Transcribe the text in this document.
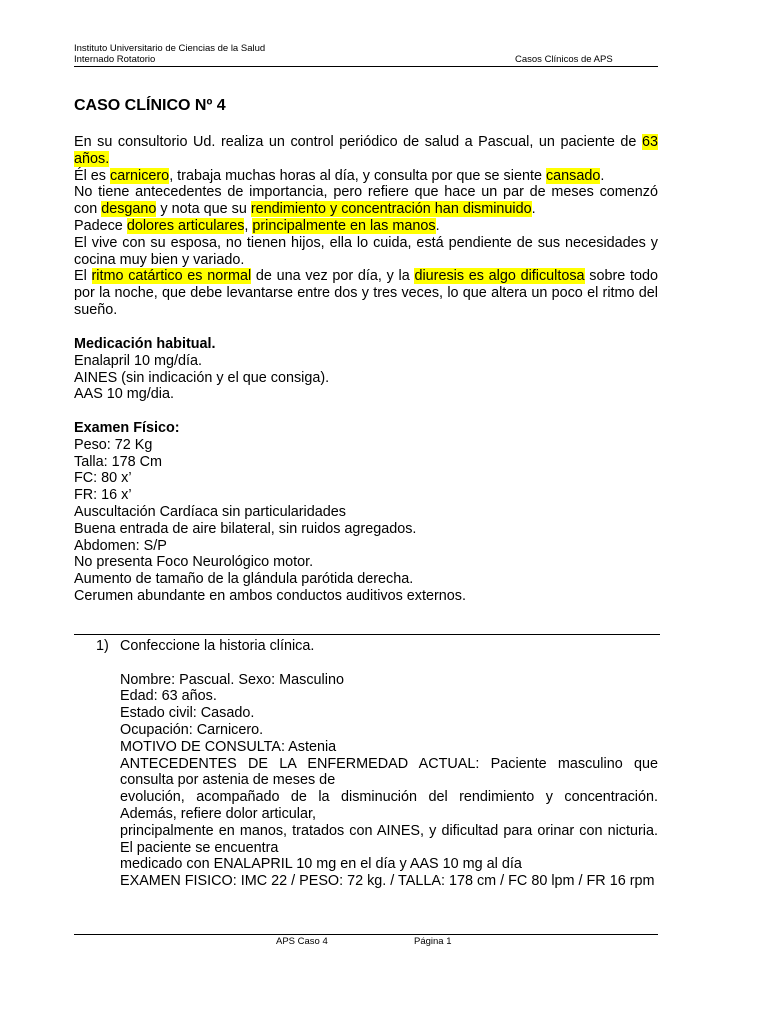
Instituto Universitario de Ciencias de la Salud
Internado Rotatorio	Casos Clínicos de APS
CASO CLÍNICO Nº 4

En su consultorio Ud. realiza un control periódico de salud a Pascual, un paciente de 63 años.

Él es carnicero, trabaja muchas horas al día, y consulta por que se siente cansado.

No tiene antecedentes de importancia, pero refiere que hace un par de meses comenzó con desgano y nota que su rendimiento y concentración han disminuido.

Padece dolores articulares, principalmente en las manos.

El vive con su esposa, no tienen hijos, ella lo cuida, está pendiente de sus necesidades y cocina muy bien y variado.

El ritmo catártico es normal de una vez por día, y la diuresis es algo dificultosa sobre todo por la noche, que debe levantarse entre dos y tres veces, lo que altera un poco el ritmo del sueño.

Medicación habitual.

Enalapril 10 mg/día.

AINES (sin indicación y el que consiga).

AAS 10 mg/dia.

Examen Físico:

Peso: 72 Kg

Talla: 178 Cm

FC: 80 x’

FR: 16 x’

Auscultación Cardíaca sin particularidades

Buena entrada de aire bilateral, sin ruidos agregados.

Abdomen: S/P

No presenta Foco Neurológico motor.

Aumento de tamaño de la glándula parótida derecha.

Cerumen abundante en ambos conductos auditivos externos.

1) Confeccione la historia clínica.

Nombre: Pascual. Sexo: Masculino

Edad: 63 años.

Estado civil: Casado.

Ocupación: Carnicero.

MOTIVO DE CONSULTA: Astenia

ANTECEDENTES DE LA ENFERMEDAD ACTUAL: Paciente masculino que consulta por astenia de meses de

evolución, acompañado de la disminución del rendimiento y concentración. Además, refiere dolor articular,

principalmente en manos, tratados con AINES, y dificultad para orinar con nicturia. El paciente se encuentra

medicado con ENALAPRIL 10 mg en el día y AAS 10 mg al día

EXAMEN FISICO: IMC 22 / PESO: 72 kg. / TALLA: 178 cm / FC 80 lpm / FR 16 rpm

APS Caso 4	Página 1
